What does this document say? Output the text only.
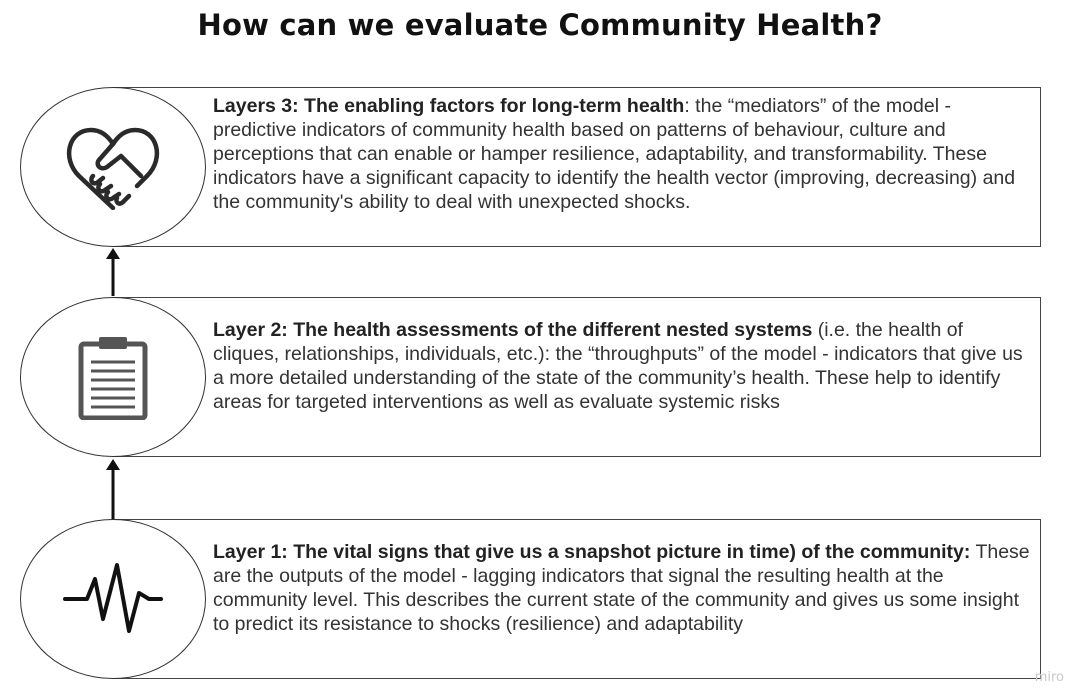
How can we evaluate Community Health?
Layers 3: The enabling factors for long-term health: the “mediators” of the model - predictive indicators of community health based on patterns of behaviour, culture and perceptions that can enable or hamper resilience, adaptability, and transformability. These indicators have a significant capacity to identify the health vector (improving, decreasing) and the community's ability to deal with unexpected shocks.
Layer 2: The health assessments of the different nested systems (i.e. the health of cliques, relationships, individuals, etc.): the “throughputs” of the model - indicators that give us a more detailed understanding of the state of the community’s health. These help to identify areas for targeted interventions as well as evaluate systemic risks
Layer 1: The vital signs that give us a snapshot picture in time) of the community: These are the outputs of the model - lagging indicators that signal the resulting health at the community level. This describes the current state of the community and gives us some insight to predict its resistance to shocks (resilience) and adaptability
miro
